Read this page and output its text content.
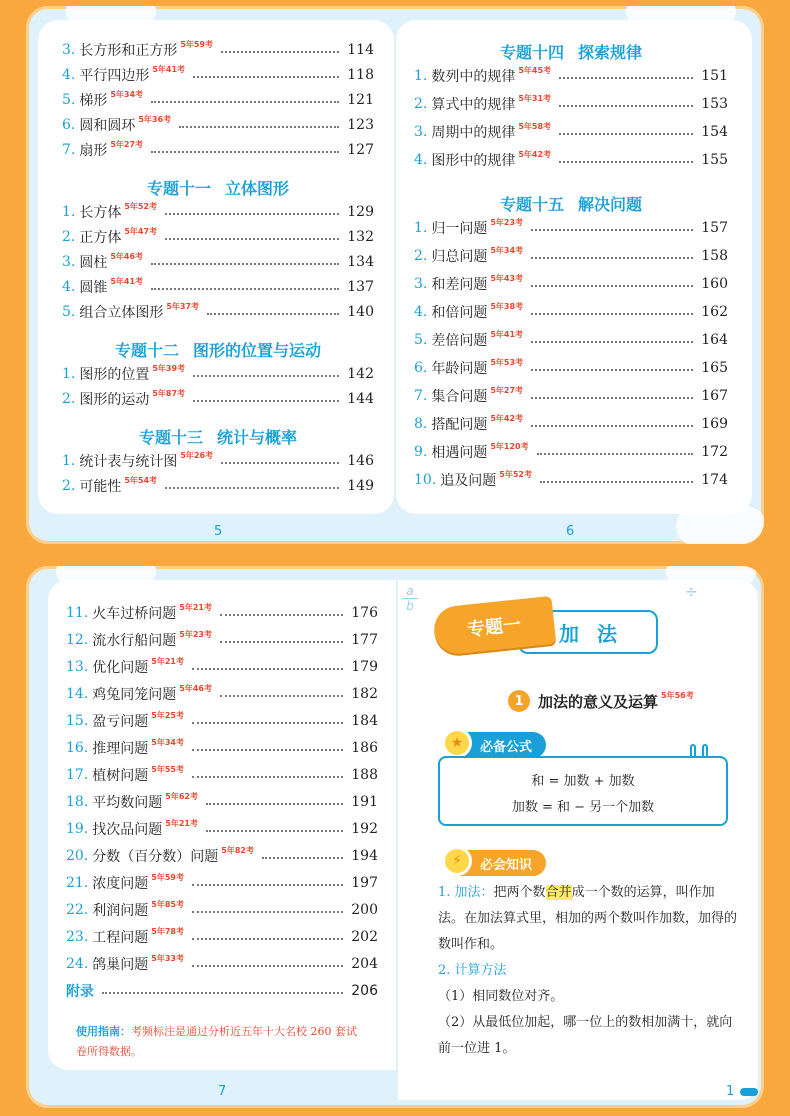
5	6
3. 长方形和正方形 5年59考	114
4. 平行四边形 5年41考	118
5. 梯形 5年34考	121
6. 圆和圆环 5年36考	123
7. 扇形 5年27考	127
专题十一 立体图形
1. 长方体 5年52考	129
2. 正方体 5年47考	132
3. 圆柱 5年46考	134
4. 圆锥 5年41考	137
5. 组合立体图形 5年37考	140
专题十二 图形的位置与运动
1. 图形的位置 5年39考	142
2. 图形的运动 5年87考	144
专题十三 统计与概率
1. 统计表与统计图 5年26考	146
2. 可能性 5年54考	149
专题十四 探索规律
1. 数列中的规律 5年45考	151
2. 算式中的规律 5年31考	153
3. 周期中的规律 5年58考	154
4. 图形中的规律 5年42考	155
专题十五 解决问题
1. 归一问题 5年23考	157
2. 归总问题 5年34考	158
3. 和差问题 5年43考	160
4. 和倍问题 5年38考	162
5. 差倍问题 5年41考	164
6. 年龄问题 5年53考	165
7. 集合问题 5年27考	167
8. 搭配问题 5年42考	169
9. 相遇问题 5年120考	172
10. 追及问题 5年52考	174
7
11. 火车过桥问题 5年21考	176
12. 流水行船问题 5年23考	177
13. 优化问题 5年21考	179
14. 鸡兔同笼问题 5年46考	182
15. 盈亏问题 5年25考	184
16. 推理问题 5年34考	186
17. 植树问题 5年55考	188
18. 平均数问题 5年62考	191
19. 找次品问题 5年21考	192
20. 分数（百分数）问题 5年82考	194
21. 浓度问题 5年59考	197
22. 利润问题 5年85考	200
23. 工程问题 5年78考	202
24. 鸽巢问题 5年33考	204
附录	206
使用指南：考频标注是通过分析近五年十大名校 260 套试卷所得数据。
a
b
÷
加法
专题一
1 加法的意义及运算 5年56考
★	必备公式
和 = 加数 + 加数
加数 = 和 − 另一个加数
⚡	必会知识
1. 加法：把两个数合并成一个数的运算，叫作加法。在加法算式里，相加的两个数叫作加数，加得的数叫作和。
2. 计算方法
（1）相同数位对齐。
（2）从最低位加起，哪一位上的数相加满十，就向前一位进 1。
1
